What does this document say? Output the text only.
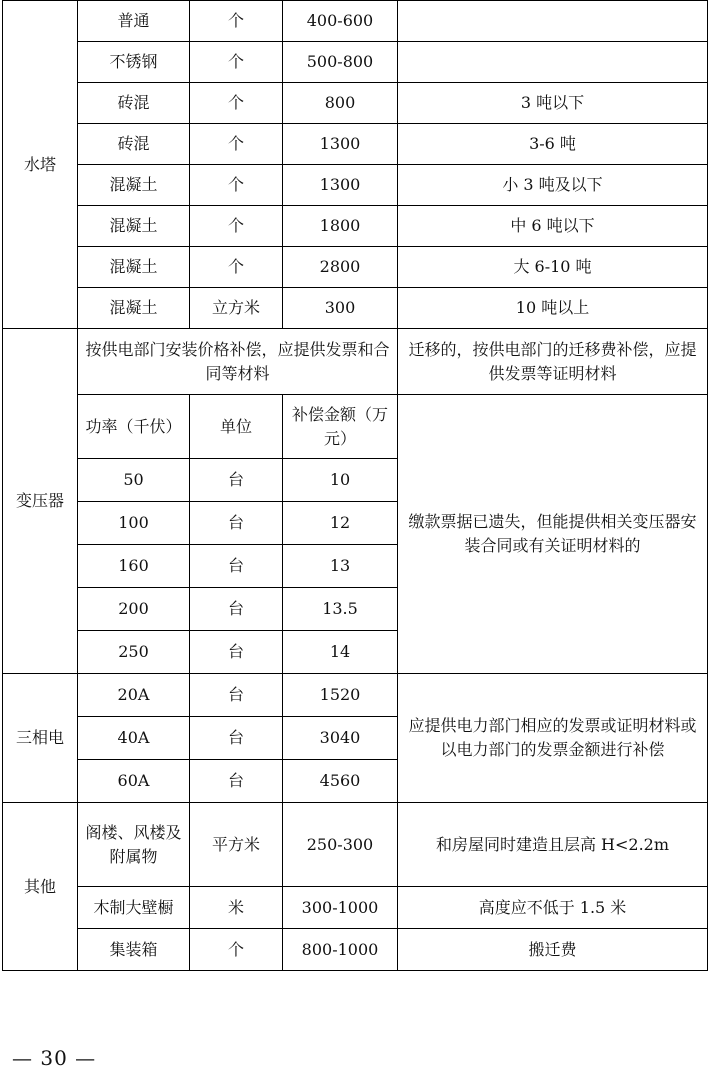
水塔	普通	个	400-600	
	不锈钢	个	500-800	
	砖混	个	800	3 吨以下
	砖混	个	1300	3-6 吨
	混凝土	个	1300	小 3 吨及以下
	混凝土	个	1800	中 6 吨以下
	混凝土	个	2800	大 6-10 吨
	混凝土	立方米	300	10 吨以上
变压器	按供电部门安装价格补偿，应提供发票和合同等材料			迁移的，按供电部门的迁移费补偿，应提供发票等证明材料
	功率（千伏）	单位	补偿金额（万元）	缴款票据已遗失，但能提供相关变压器安装合同或有关证明材料的
	50	台	10	
	100	台	12	
	160	台	13	
	200	台	13.5	
	250	台	14	
三相电	20A	台	1520	应提供电力部门相应的发票或证明材料或以电力部门的发票金额进行补偿
	40A	台	3040	
	60A	台	4560	
其他	阁楼、风楼及附属物	平方米	250-300	和房屋同时建造且层高 H<2.2m
	木制大壁橱	米	300-1000	高度应不低于 1.5 米
	集装箱	个	800-1000	搬迁费
— 30 —
